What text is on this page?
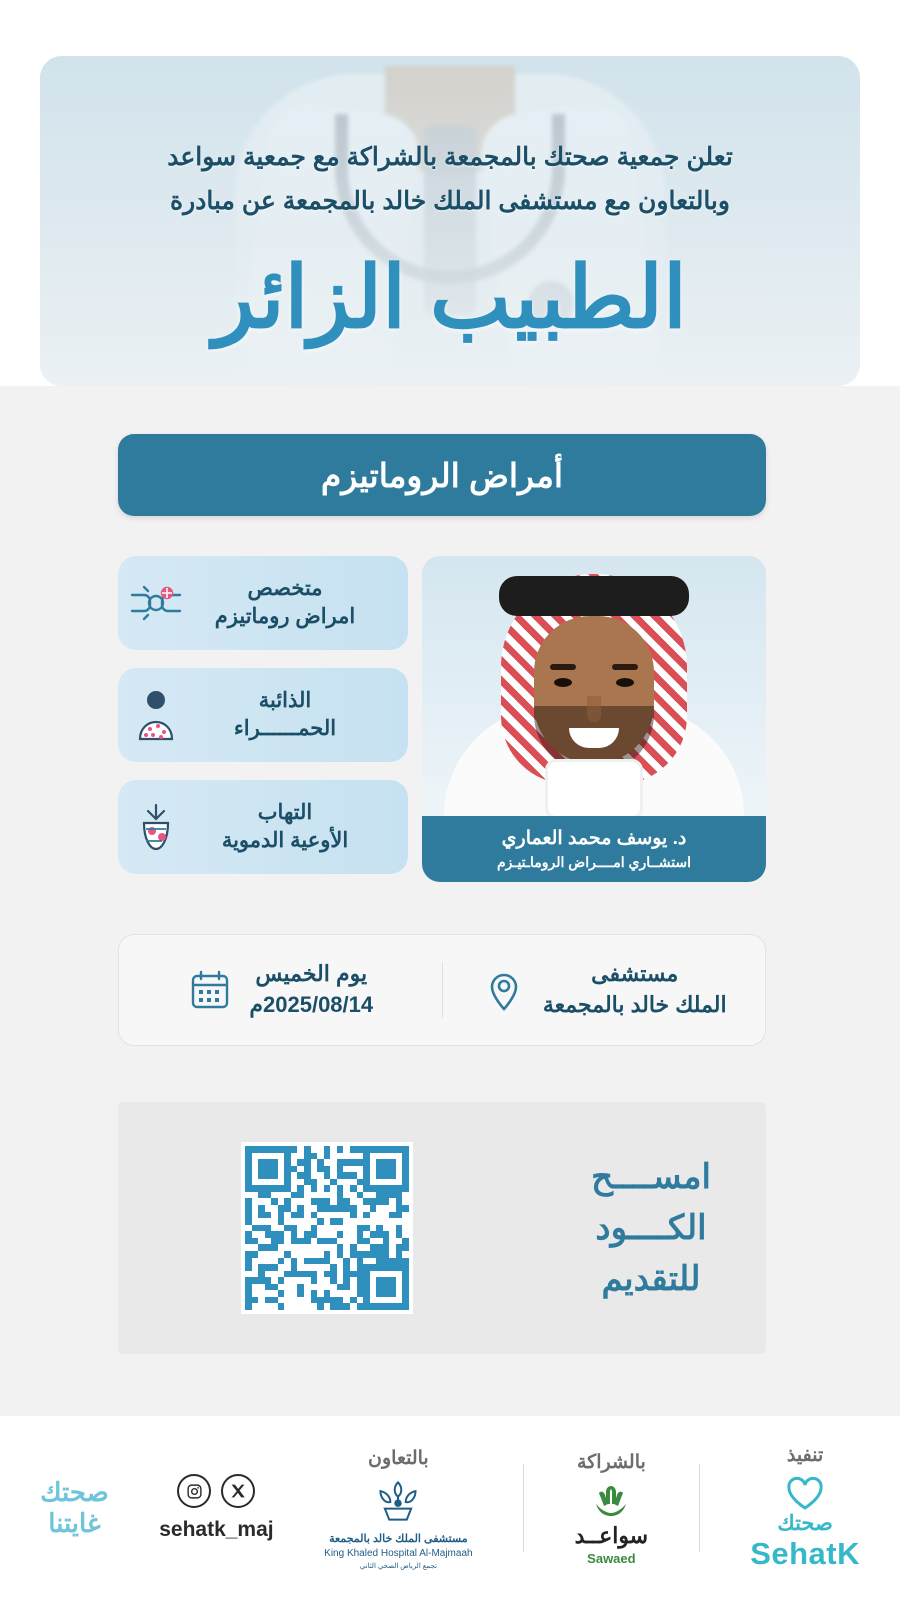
تعلن جمعية صحتك بالمجمعة بالشراكة مع جمعية سواعد
وبالتعاون مع مستشفى الملك خالد بالمجمعة عن مبادرة
الطبيب الزائر
أمراض الروماتيزم
متخصص
امراض روماتيزم
الذائبة
الحمــــــراء
التهاب
الأوعية الدموية	د. يوسف محمد العماري
استشــاري امــــراض الروماـتيـزم
مستشفى
الملك خالد بالمجمعة
يوم الخميس
2025/08/14م
امســــح
الكــــود
للتقديم
تنفيذ
صحتك
SehatK
بالشراكة
سواعــد
Sawaed
بالتعاون
مستشفى الملك خالد بالمجمعة
King Khaled Hospital Al-Majmaah
تجمع الرياض الصحي الثاني
sehatk_maj
صحتك
غايتنا
